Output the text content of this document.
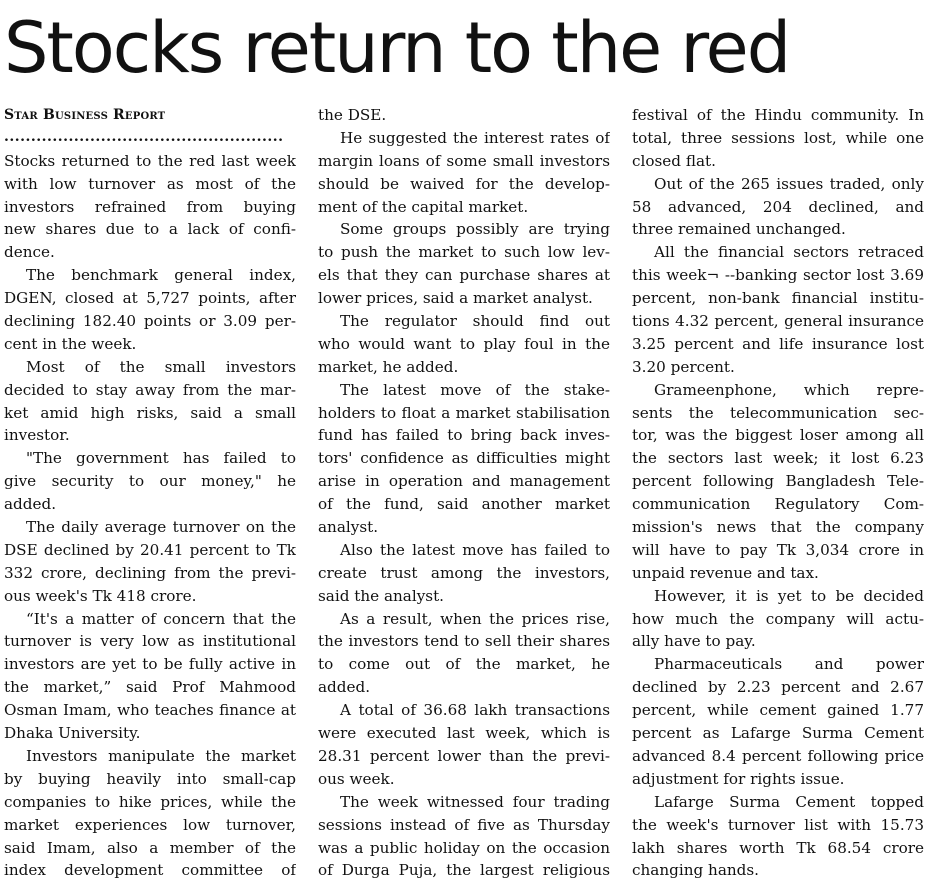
Stocks return to the red
Star Business Report
....................................................
Stocks returned to the red last week
with low turnover as most of the
investors refrained from buying
new shares due to a lack of confi-
dence.
The benchmark general index,
DGEN, closed at 5,727 points, after
declining 182.40 points or 3.09 per-
cent in the week.
Most of the small investors
decided to stay away from the mar-
ket amid high risks, said a small
investor.
"The government has failed to
give security to our money," he
added.
The daily average turnover on the
DSE declined by 20.41 percent to Tk
332 crore, declining from the previ-
ous week's Tk 418 crore.
“It's a matter of concern that the
turnover is very low as institutional
investors are yet to be fully active in
the market,” said Prof Mahmood
Osman Imam, who teaches finance at
Dhaka University.
Investors manipulate the market
by buying heavily into small-cap
companies to hike prices, while the
market experiences low turnover,
said Imam, also a member of the
index development committee of
the DSE.
He suggested the interest rates of
margin loans of some small investors
should be waived for the develop-
ment of the capital market.
Some groups possibly are trying
to push the market to such low lev-
els that they can purchase shares at
lower prices, said a market analyst.
The regulator should find out
who would want to play foul in the
market, he added.
The latest move of the stake-
holders to float a market stabilisation
fund has failed to bring back inves-
tors' confidence as difficulties might
arise in operation and management
of the fund, said another market
analyst.
Also the latest move has failed to
create trust among the investors,
said the analyst.
As a result, when the prices rise,
the investors tend to sell their shares
to come out of the market, he
added.
A total of 36.68 lakh transactions
were executed last week, which is
28.31 percent lower than the previ-
ous week.
The week witnessed four trading
sessions instead of five as Thursday
was a public holiday on the occasion
of Durga Puja, the largest religious
festival of the Hindu community. In
total, three sessions lost, while one
closed flat.
Out of the 265 issues traded, only
58 advanced, 204 declined, and
three remained unchanged.
All the financial sectors retraced
this week¬ --banking sector lost 3.69
percent, non-bank financial institu-
tions 4.32 percent, general insurance
3.25 percent and life insurance lost
3.20 percent.
Grameenphone, which repre-
sents the telecommunication sec-
tor, was the biggest loser among all
the sectors last week; it lost 6.23
percent following Bangladesh Tele-
communication Regulatory Com-
mission's news that the company
will have to pay Tk 3,034 crore in
unpaid revenue and tax.
However, it is yet to be decided
how much the company will actu-
ally have to pay.
Pharmaceuticals and power
declined by 2.23 percent and 2.67
percent, while cement gained 1.77
percent as Lafarge Surma Cement
advanced 8.4 percent following price
adjustment for rights issue.
Lafarge Surma Cement topped
the week's turnover list with 15.73
lakh shares worth Tk 68.54 crore
changing hands.
